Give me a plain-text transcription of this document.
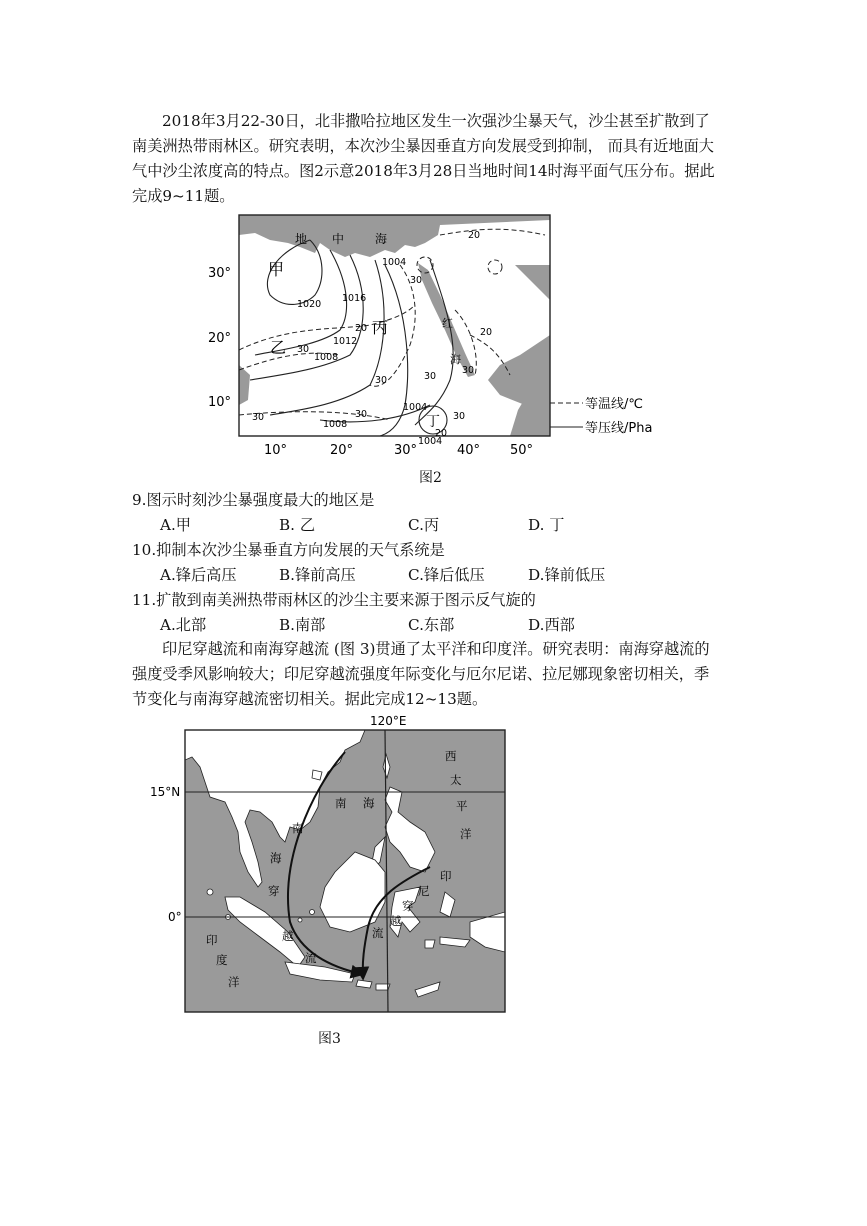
2018年3月22-30日，北非撒哈拉地区发生一次强沙尘暴天气，沙尘甚至扩散到了南美洲热带雨林区。研究表明，本次沙尘暴因垂直方向发展受到抑制， 而具有近地面大气中沙尘浓度高的特点。图2示意2018年3月28日当地时间14时海平面气压分布。据此完成9~11题。

地 中	海
红
海
甲
乙
丙
丁
1020
1016
1012
1008
1004
1004
1008
1004
20
30
20
30
30	30
20
30
30	30	30
20
30°
20°
10°
10°	20°	30°	40° 50°
等温线/℃
等压线/Pha
图2
9.图示时刻沙尘暴强度最大的地区是
A.甲	B. 乙	C.丙	D. 丁
10.抑制本次沙尘暴垂直方向发展的天气系统是
A.锋后高压	B.锋前高压	C.锋后低压	D.锋前低压
11.扩散到南美洲热带雨林区的沙尘主要来源于图示反气旋的
A.北部	B.南部	C.东部	D.西部

印尼穿越流和南海穿越流 (图 3)贯通了太平洋和印度洋。研究表明：南海穿越流的强度受季风影响较大；印尼穿越流强度年际变化与厄尔尼诺、拉尼娜现象密切相关，季节变化与南海穿越流密切相关。据此完成12~13题。

120°E
15°N
0°
南 海
南
海
穿
越
流
印
尼
穿
越
流
西
太
平
洋
印
度
洋
图3
